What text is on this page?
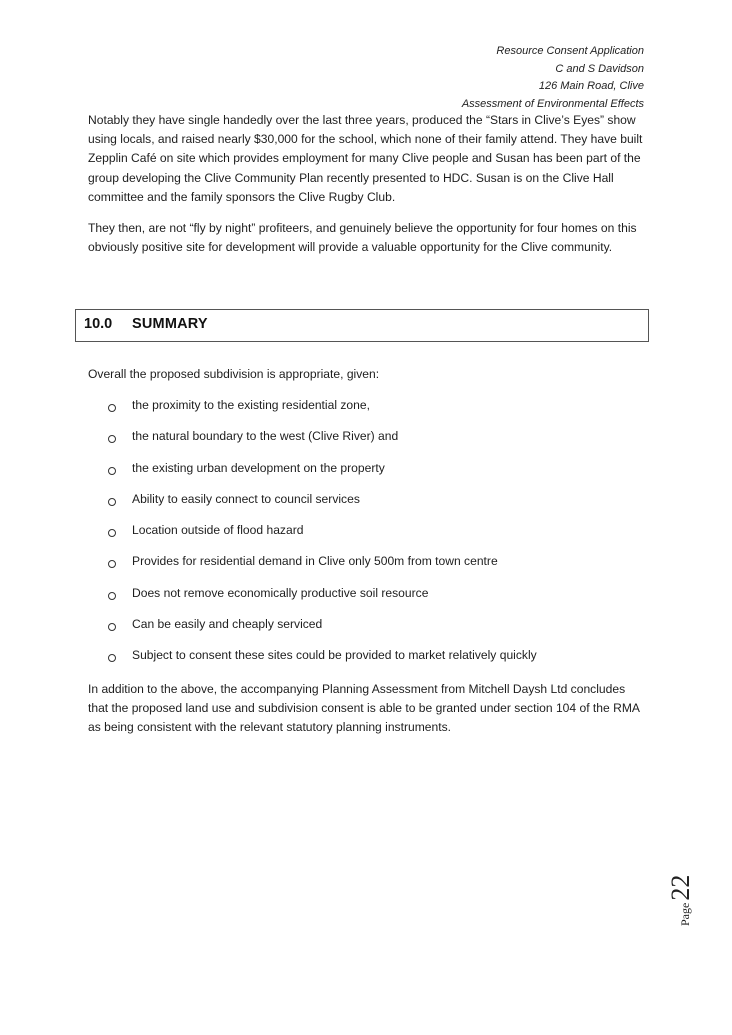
Resource Consent Application
C and S Davidson
126 Main Road, Clive
Assessment of Environmental Effects
Notably they have single handedly over the last three years, produced the “Stars in Clive’s Eyes” show using locals, and raised nearly $30,000 for the school, which none of their family attend. They have built Zepplin Café on site which provides employment for many Clive people and Susan has been part of the group developing the Clive Community Plan recently presented to HDC. Susan is on the Clive Hall committee and the family sponsors the Clive Rugby Club.
They then, are not “fly by night” profiteers, and genuinely believe the opportunity for four homes on this obviously positive site for development will provide a valuable opportunity for the Clive community.
10.0 SUMMARY
Overall the proposed subdivision is appropriate, given:
the proximity to the existing residential zone,
the natural boundary to the west (Clive River) and
the existing urban development on the property
Ability to easily connect to council services
Location outside of flood hazard
Provides for residential demand in Clive only 500m from town centre
Does not remove economically productive soil resource
Can be easily and cheaply serviced
Subject to consent these sites could be provided to market relatively quickly
In addition to the above, the accompanying Planning Assessment from Mitchell Daysh Ltd concludes that the proposed land use and subdivision consent is able to be granted under section 104 of the RMA as being consistent with the relevant statutory planning instruments.
Page22
